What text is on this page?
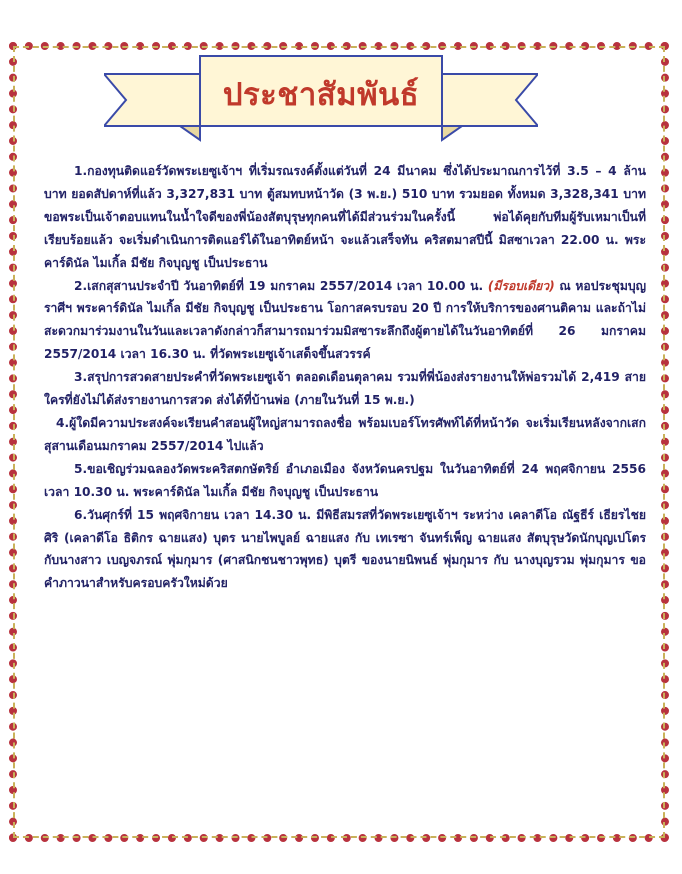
ประชาสัมพันธ์

1.กองทุนติดแอร์วัดพระเยซูเจ้าฯ ที่เริ่มรณรงค์ตั้งแต่วันที่ 24 มีนาคม ซึ่งได้ประมาณการไว้ที่ 3.5 – 4 ล้านบาท ยอดสัปดาห์ที่แล้ว 3,327,831 บาท ตู้สมทบหน้าวัด (3 พ.ย.) 510 บาท รวมยอด ทั้งหมด 3,328,341 บาท ขอพระเป็นเจ้าตอบแทนในน้ำใจดีของพี่น้องสัตบุรุษทุกคนที่ได้มีส่วนร่วมในครั้งนี้ พ่อได้คุยกับทีมผู้รับเหมาเป็นที่เรียบร้อยแล้ว จะเริ่มดำเนินการติดแอร์ได้ในอาทิตย์หน้า จะแล้วเสร็จทัน คริสตมาสปีนี้ มิสซาเวลา 22.00 น. พระคาร์ดินัล ไมเกิ้ล มีชัย กิจบุญชู เป็นประธาน

2.เสกสุสานประจำปี วันอาทิตย์ที่ 19 มกราคม 2557/2014 เวลา 10.00 น. (มีรอบเดียว) ณ หอประชุมบุญราศีฯ พระคาร์ดินัล ไมเกิ้ล มีชัย กิจบุญชู เป็นประธาน โอกาสครบรอบ 20 ปี การให้บริการของศานติคาม และถ้าไม่สะดวกมาร่วมงานในวันและเวลาดังกล่าวก็สามารถมาร่วมมิสซาระลึกถึงผู้ตายได้ในวันอาทิตย์ที่ 26 มกราคม 2557/2014 เวลา 16.30 น. ที่วัดพระเยซูเจ้าเสด็จขึ้นสวรรค์

3.สรุปการสวดสายประคำที่วัดพระเยซูเจ้า ตลอดเดือนตุลาคม รวมที่พี่น้องส่งรายงานให้พ่อรวมได้ 2,419 สาย ใครที่ยังไม่ได้ส่งรายงานการสวด ส่งได้ที่บ้านพ่อ (ภายในวันที่ 15 พ.ย.)

4.ผู้ใดมีความประสงค์จะเรียนคำสอนผู้ใหญ่สามารถลงชื่อ พร้อมเบอร์โทรศัพท์ได้ที่หน้าวัด จะเริ่มเรียนหลังจากเสกสุสานเดือนมกราคม 2557/2014 ไปแล้ว

5.ขอเชิญร่วมฉลองวัดพระคริสตกษัตริย์ อำเภอเมือง จังหวัดนครปฐม ในวันอาทิตย์ที่ 24 พฤศจิกายน 2556 เวลา 10.30 น. พระคาร์ดินัล ไมเกิ้ล มีชัย กิจบุญชู เป็นประธาน

6.วันศุกร์ที่ 15 พฤศจิกายน เวลา 14.30 น. มีพิธีสมรสที่วัดพระเยซูเจ้าฯ ระหว่าง เคลาดีโอ ณัฐธีร์ เธียรไชยศิริ (เคลาดีโอ ธิติกร ฉายแสง) บุตร นายไพบูลย์ ฉายแสง กับ เทเรซา จันทร์เพ็ญ ฉายแสง สัตบุรุษวัดนักบุญเปโตร กับนางสาว เบญจภรณ์ พุ่มกุมาร (ศาสนิกชนชาวพุทธ) บุตรี ของนายนิพนธ์ พุ่มกุมาร กับ นางบุญรวม พุ่มกุมาร ขอคำภาวนาสำหรับครอบครัวใหม่ด้วย
